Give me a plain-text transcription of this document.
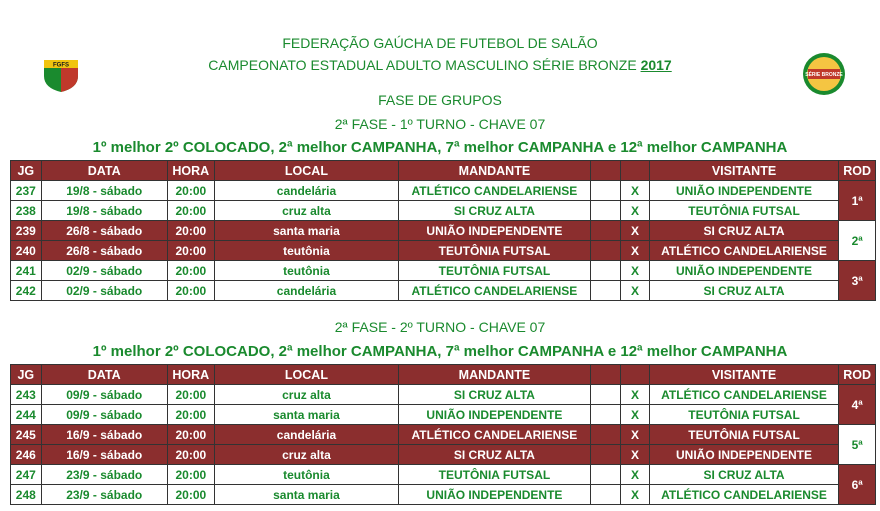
FGFS
SÉRIE BRONZE
FEDERAÇÃO GAÚCHA DE FUTEBOL DE SALÃO
CAMPEONATO ESTADUAL ADULTO MASCULINO SÉRIE BRONZE 2017
FASE DE GRUPOS
2ª FASE - 1º TURNO - CHAVE 07
1º melhor 2º COLOCADO, 2ª melhor CAMPANHA, 7ª melhor CAMPANHA e 12ª melhor CAMPANHA
JG	DATA	HORA	LOCAL	MANDANTE			VISITANTE	ROD
237	19/8 - sábado	20:00	candelária	ATLÉTICO CANDELARIENSE		X	UNIÃO INDEPENDENTE	1ª
238	19/8 - sábado	20:00	cruz alta	SI CRUZ ALTA		X	TEUTÔNIA FUTSAL	
239	26/8 - sábado	20:00	santa maria	UNIÃO INDEPENDENTE		X	SI CRUZ ALTA	2ª
240	26/8 - sábado	20:00	teutônia	TEUTÔNIA FUTSAL		X	ATLÉTICO CANDELARIENSE	
241	02/9 - sábado	20:00	teutônia	TEUTÔNIA FUTSAL		X	UNIÃO INDEPENDENTE	3ª
242	02/9 - sábado	20:00	candelária	ATLÉTICO CANDELARIENSE		X	SI CRUZ ALTA	
2ª FASE - 2º TURNO - CHAVE 07
1º melhor 2º COLOCADO, 2ª melhor CAMPANHA, 7ª melhor CAMPANHA e 12ª melhor CAMPANHA
JG	DATA	HORA	LOCAL	MANDANTE			VISITANTE	ROD
243	09/9 - sábado	20:00	cruz alta	SI CRUZ ALTA		X	ATLÉTICO CANDELARIENSE	4ª
244	09/9 - sábado	20:00	santa maria	UNIÃO INDEPENDENTE		X	TEUTÔNIA FUTSAL	
245	16/9 - sábado	20:00	candelária	ATLÉTICO CANDELARIENSE		X	TEUTÔNIA FUTSAL	5ª
246	16/9 - sábado	20:00	cruz alta	SI CRUZ ALTA		X	UNIÃO INDEPENDENTE	
247	23/9 - sábado	20:00	teutônia	TEUTÔNIA FUTSAL		X	SI CRUZ ALTA	6ª
248	23/9 - sábado	20:00	santa maria	UNIÃO INDEPENDENTE		X	ATLÉTICO CANDELARIENSE	
